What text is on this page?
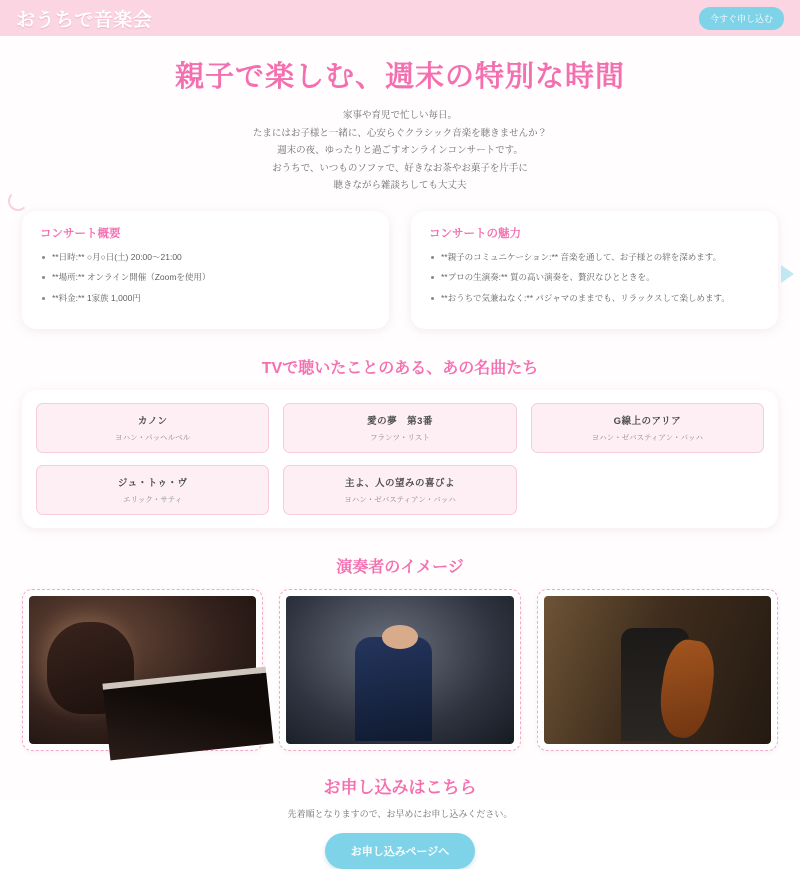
おうちで音楽会	今すぐ申し込む
親子で楽しむ、週末の特別な時間
家事や育児で忙しい毎日。
たまにはお子様と一緒に、心安らぐクラシック音楽を聴きませんか？
週末の夜、ゆったりと過ごすオンラインコンサートです。
おうちで、いつものソファで、好きなお茶やお菓子を片手に
聴きながら雑談ちしても大丈夫
コンサート概要
**日時:** ○月○日(土) 20:00〜21:00
**場所:** オンライン開催（Zoomを使用）
**料金:** 1家族 1,000円
コンサートの魅力
**親子のコミュニケーション:** 音楽を通して、お子様との絆を深めます。
**プロの生演奏:** 質の高い演奏を、贅沢なひとときを。
**おうちで気兼ねなく:** パジャマのままでも、リラックスして楽しめます。
TVで聴いたことのある、あの名曲たち
カノン
ヨハン・パッヘルベル
愛の夢　第3番
フランツ・リスト
G線上のアリア
ヨハン・ゼバスティアン・バッハ
ジュ・トゥ・ヴ
エリック・サティ
主よ、人の望みの喜びよ
ヨハン・ゼバスティアン・バッハ
演奏者のイメージ
お申し込みはこちら
先着順となりますので、お早めにお申し込みください。
お申し込みページへ
